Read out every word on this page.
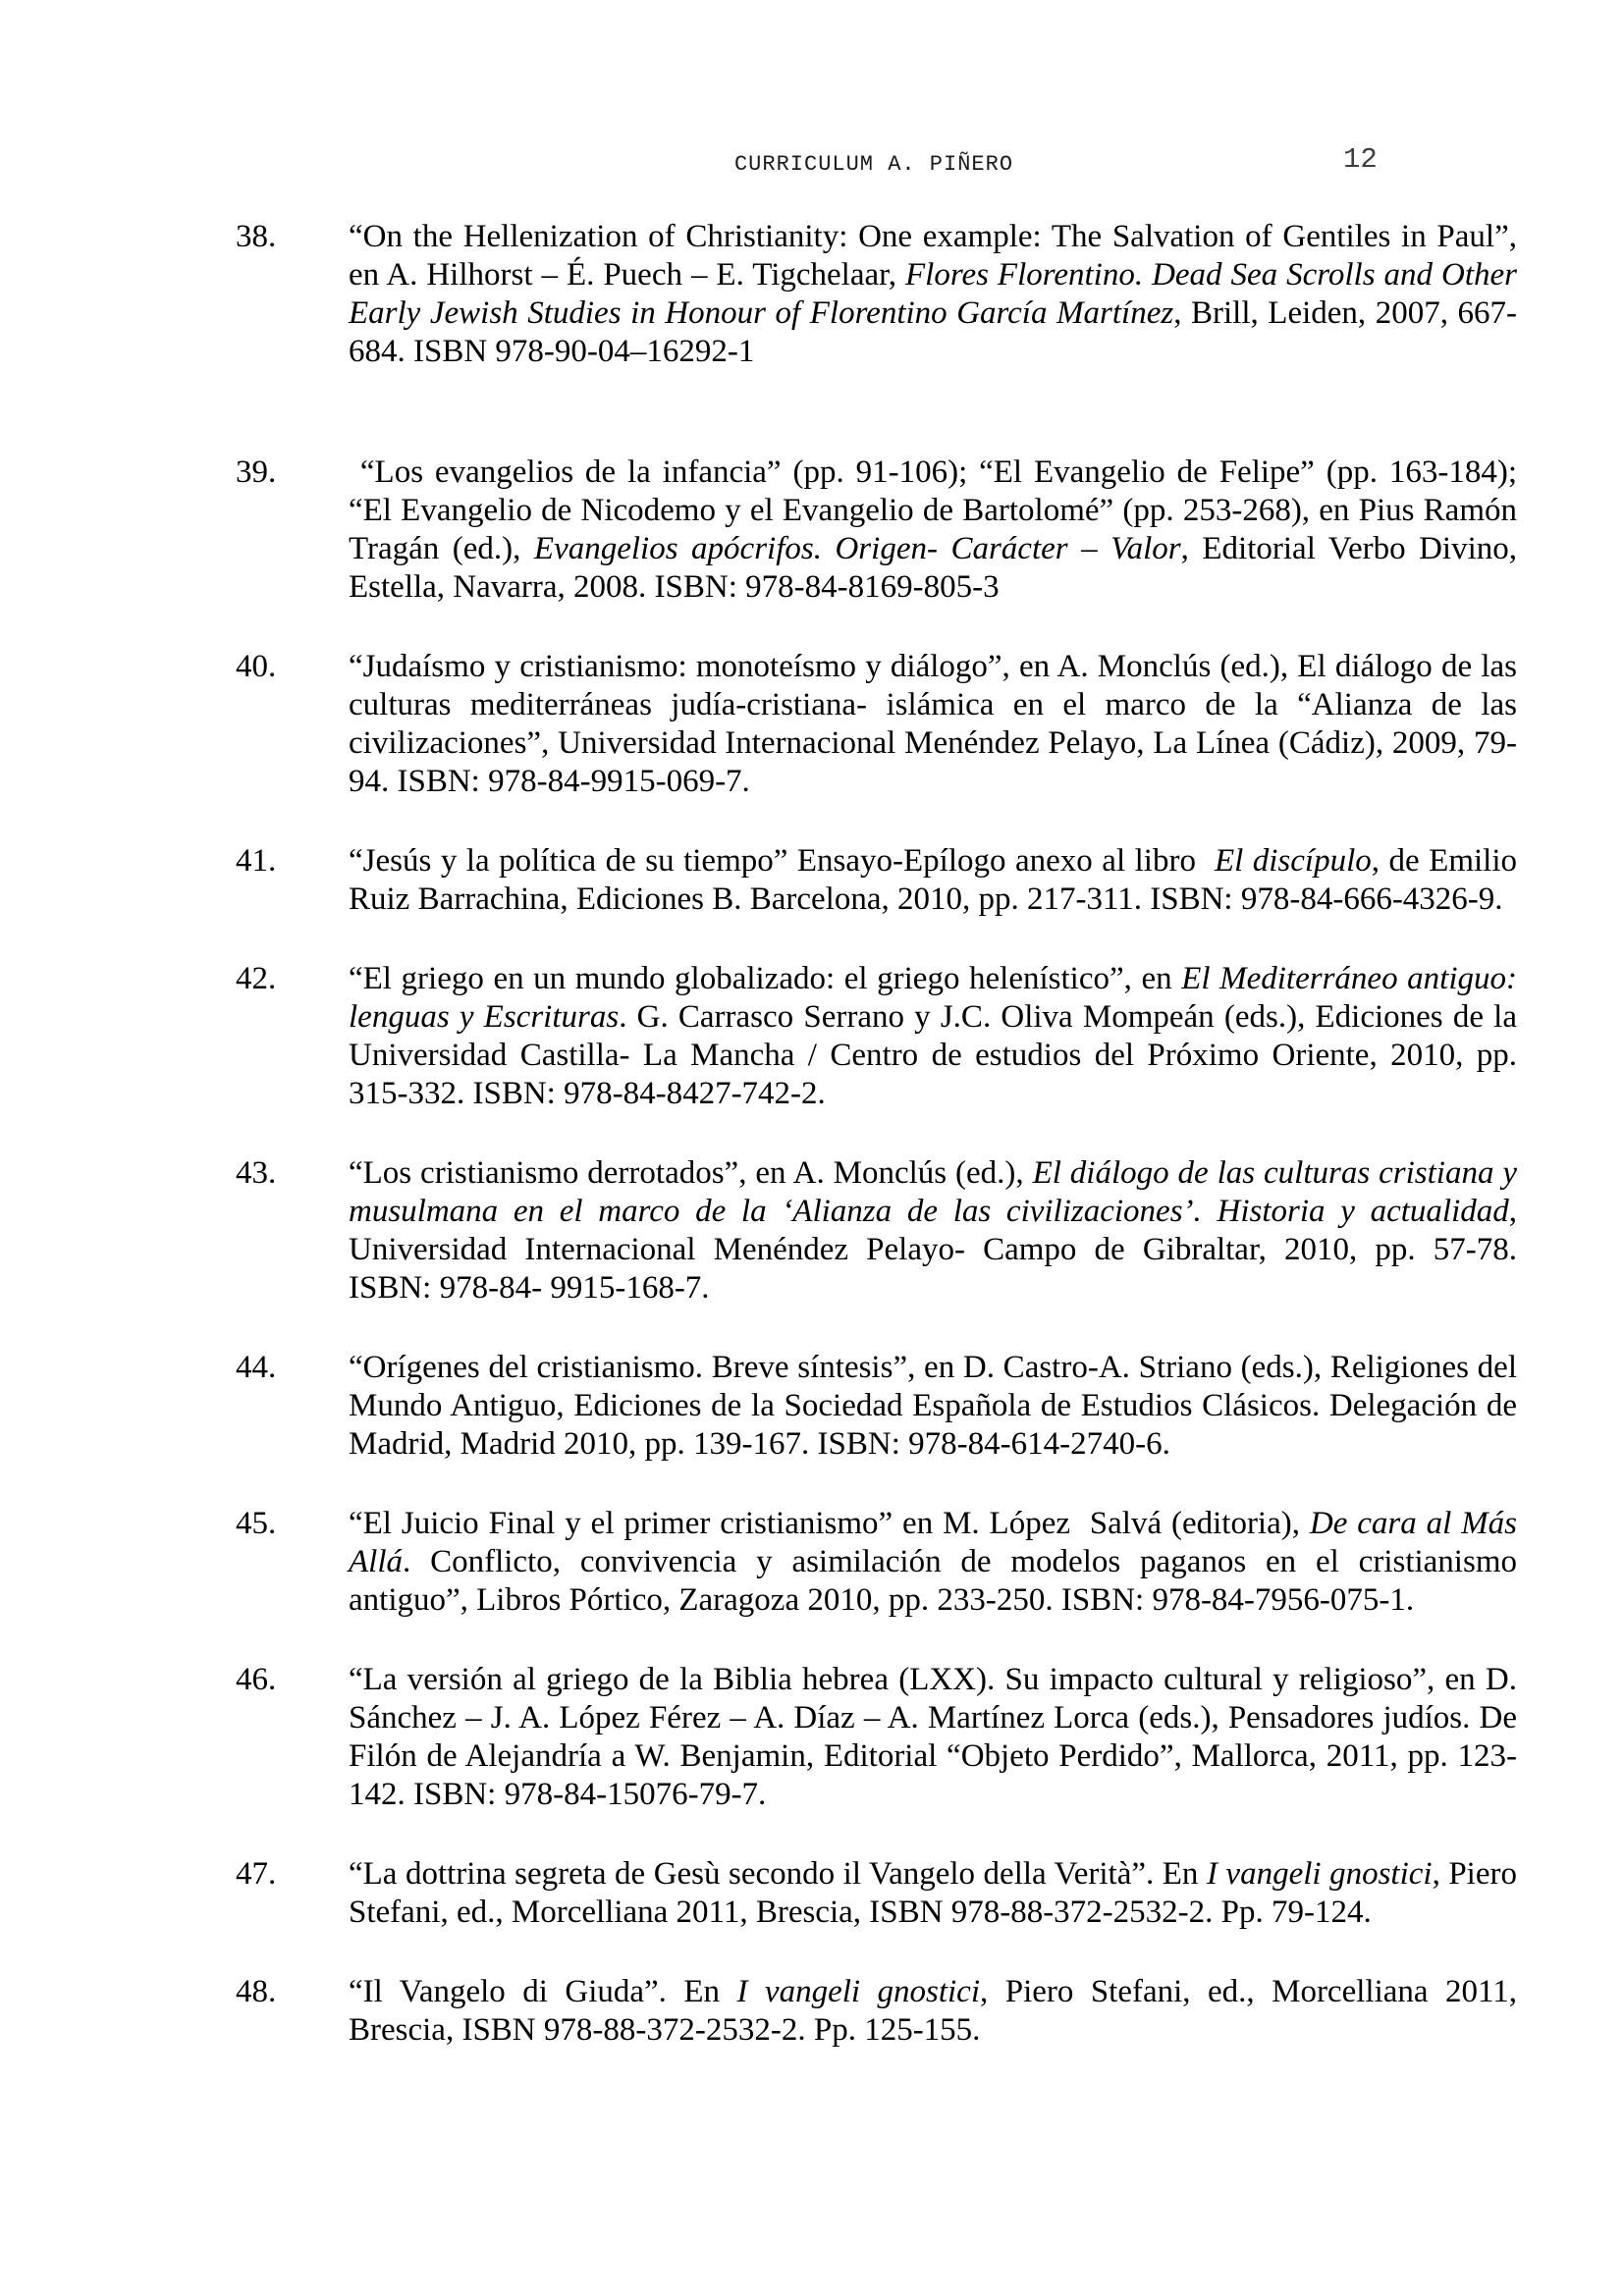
CURRICULUM A. PIÑERO	12
38.	“On the Hellenization of Christianity: One example: The Salvation of Gentiles in Paul”, en A. Hilhorst – É. Puech – E. Tigchelaar, Flores Florentino. Dead Sea Scrolls and Other Early Jewish Studies in Honour of Florentino García Martínez, Brill, Leiden, 2007, 667-684. ISBN 978-90-04–16292-1

39.	“Los evangelios de la infancia” (pp. 91-106); “El Evangelio de Felipe” (pp. 163-184); “El Evangelio de Nicodemo y el Evangelio de Bartolomé” (pp. 253-268), en Pius Ramón Tragán (ed.), Evangelios apócrifos. Origen- Carácter – Valor, Editorial Verbo Divino, Estella, Navarra, 2008. ISBN: 978-84-8169-805-3

40.	“Judaísmo y cristianismo: monoteísmo y diálogo”, en A. Monclús (ed.), El diálogo de las culturas mediterráneas judía-cristiana- islámica en el marco de la “Alianza de las civilizaciones”, Universidad Internacional Menéndez Pelayo, La Línea (Cádiz), 2009, 79-94. ISBN: 978-84-9915-069-7.

41.	“Jesús y la política de su tiempo” Ensayo-Epílogo anexo al libro  El discípulo, de Emilio Ruiz Barrachina, Ediciones B. Barcelona, 2010, pp. 217-311. ISBN: 978-84-666-4326-9.

42.	“El griego en un mundo globalizado: el griego helenístico”, en El Mediterráneo antiguo: lenguas y Escrituras. G. Carrasco Serrano y J.C. Oliva Mompeán (eds.), Ediciones de la Universidad Castilla- La Mancha / Centro de estudios del Próximo Oriente, 2010, pp. 315-332. ISBN: 978-84-8427-742-2.

43.	“Los cristianismo derrotados”, en A. Monclús (ed.), El diálogo de las culturas cristiana y musulmana en el marco de la ‘Alianza de las civilizaciones’. Historia y actualidad, Universidad Internacional Menéndez Pelayo- Campo de Gibraltar, 2010, pp. 57-78. ISBN: 978-84- 9915-168-7.

44.	“Orígenes del cristianismo. Breve síntesis”, en D. Castro-A. Striano (eds.), Religiones del Mundo Antiguo, Ediciones de la Sociedad Española de Estudios Clásicos. Delegación de Madrid, Madrid 2010, pp. 139-167. ISBN: 978-84-614-2740-6.

45.	“El Juicio Final y el primer cristianismo” en M. López  Salvá (editoria), De cara al Más Allá. Conflicto, convivencia y asimilación de modelos paganos en el cristianismo antiguo”, Libros Pórtico, Zaragoza 2010, pp. 233-250. ISBN: 978-84-7956-075-1.

46.	“La versión al griego de la Biblia hebrea (LXX). Su impacto cultural y religioso”, en D. Sánchez – J. A. López Férez – A. Díaz – A. Martínez Lorca (eds.), Pensadores judíos. De Filón de Alejandría a W. Benjamin, Editorial “Objeto Perdido”, Mallorca, 2011, pp. 123-142. ISBN: 978-84-15076-79-7.

47.	“La dottrina segreta de Gesù secondo il Vangelo della Verità”. En I vangeli gnostici, Piero Stefani, ed., Morcelliana 2011, Brescia, ISBN 978-88-372-2532-2. Pp. 79-124.

48.	“Il Vangelo di Giuda”. En I vangeli gnostici, Piero Stefani, ed., Morcelliana 2011, Brescia, ISBN 978-88-372-2532-2. Pp. 125-155.
